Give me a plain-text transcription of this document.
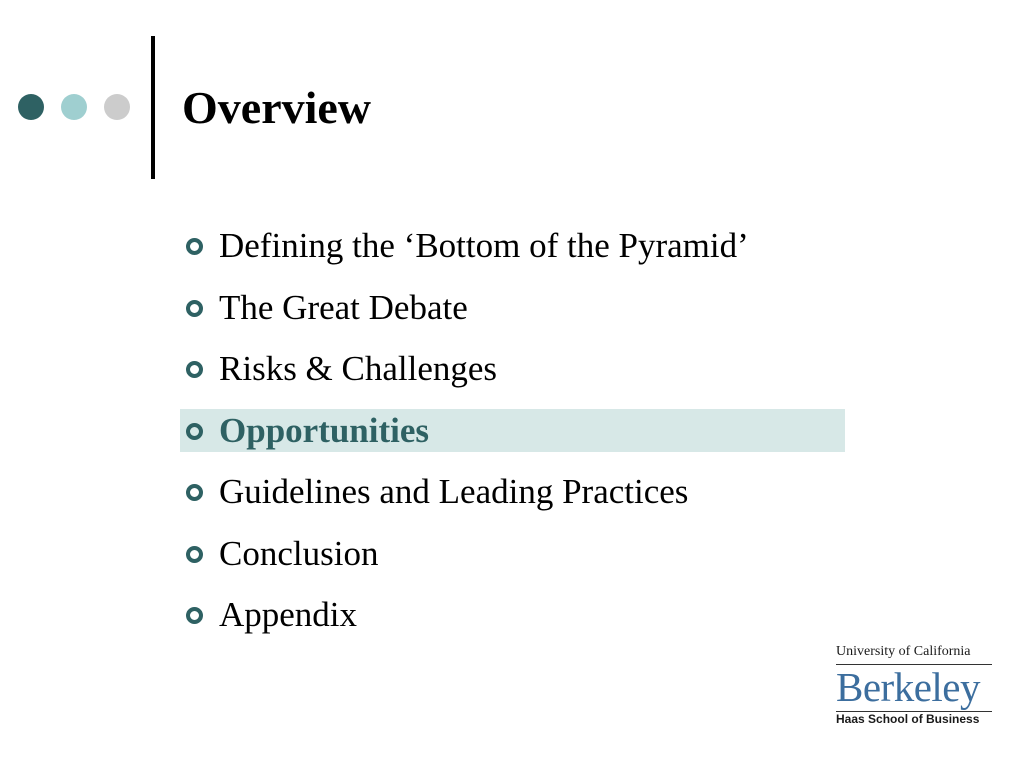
Overview
Defining the ‘Bottom of the Pyramid’
The Great Debate
Risks & Challenges
Opportunities
Guidelines and Leading Practices
Conclusion
Appendix
University of California
Berkeley
Haas School of Business
